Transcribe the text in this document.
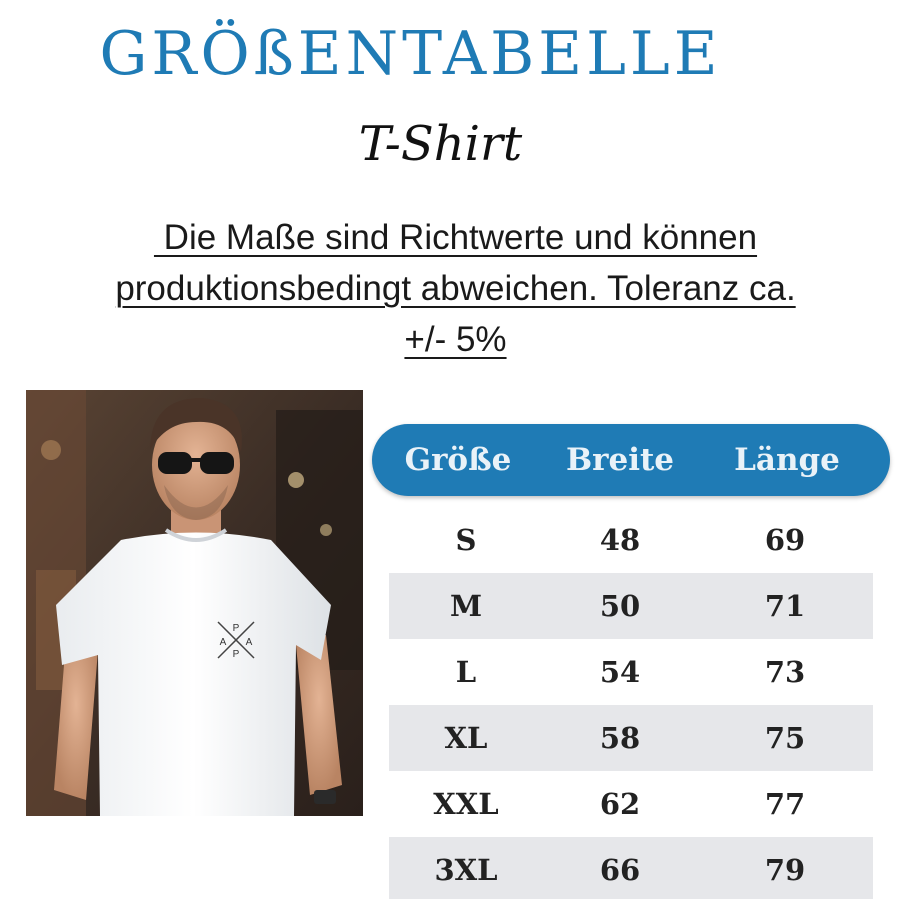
GRÖßENTABELLE
T-Shirt
Die Maße sind Richtwerte und können
produktionsbedingt abweichen. Toleranz ca.
+/- 5%
P
A A
P
Größe	Breite	Länge
S	48	69
M	50	71
L	54	73
XL	58	75
XXL	62	77
3XL	66	79
